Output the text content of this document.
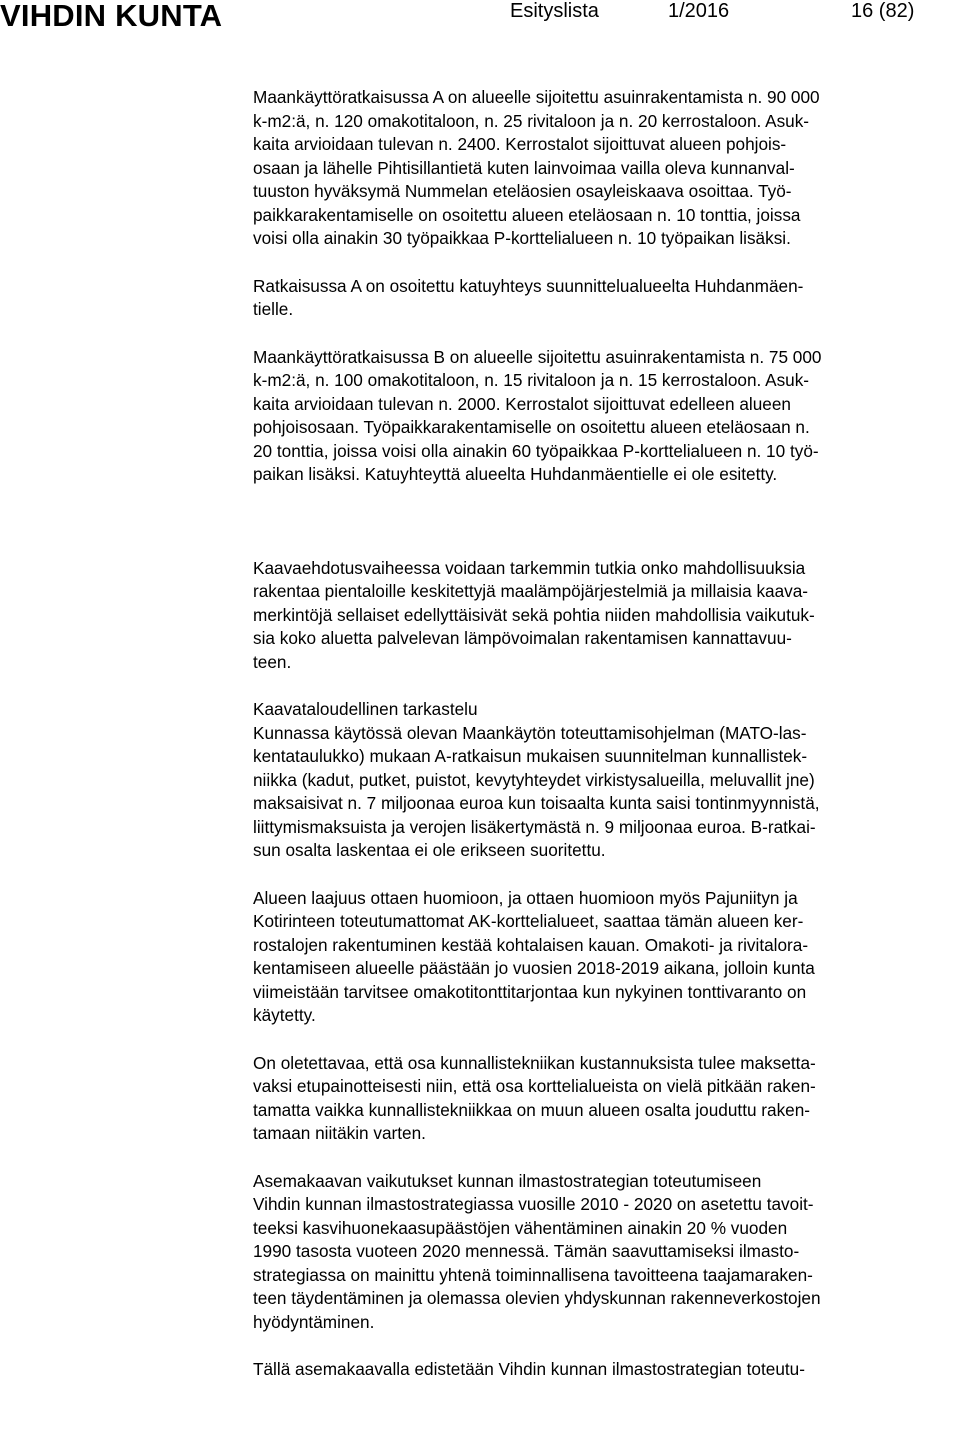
VIHDIN KUNTA	Esityslista	1/2016	16 (82)

Maankäyttöratkaisussa A on alueelle sijoitettu asuinrakentamista n. 90 000
k-m2:ä, n. 120 omakotitaloon, n. 25 rivitaloon ja n. 20 kerrostaloon. Asuk-
kaita arvioidaan tulevan n. 2400. Kerrostalot sijoittuvat alueen pohjois-
osaan ja lähelle Pihtisillantietä kuten lainvoimaa vailla oleva kunnanval-
tuuston hyväksymä Nummelan eteläosien osayleiskaava osoittaa. Työ-
paikkarakentamiselle on osoitettu alueen eteläosaan n. 10 tonttia, joissa
voisi olla ainakin 30 työpaikkaa P-korttelialueen n. 10 työpaikan lisäksi.

Ratkaisussa A on osoitettu katuyhteys suunnittelualueelta Huhdanmäen-
tielle.

Maankäyttöratkaisussa B on alueelle sijoitettu asuinrakentamista n. 75 000
k-m2:ä, n. 100 omakotitaloon, n. 15 rivitaloon ja n. 15 kerrostaloon. Asuk-
kaita arvioidaan tulevan n. 2000. Kerrostalot sijoittuvat edelleen alueen
pohjoisosaan. Työpaikkarakentamiselle on osoitettu alueen eteläosaan n.
20 tonttia, joissa voisi olla ainakin 60 työpaikkaa P-korttelialueen n. 10 työ-
paikan lisäksi. Katuyhteyttä alueelta Huhdanmäentielle ei ole esitetty.

Kaavaehdotusvaiheessa voidaan tarkemmin tutkia onko mahdollisuuksia
rakentaa pientaloille keskitettyjä maalämpöjärjestelmiä ja millaisia kaava-
merkintöjä sellaiset edellyttäisivät sekä pohtia niiden mahdollisia vaikutuk-
sia koko aluetta palvelevan lämpövoimalan rakentamisen kannattavuu-
teen.

Kaavataloudellinen tarkastelu
Kunnassa käytössä olevan Maankäytön toteuttamisohjelman (MATO-las-
kentataulukko) mukaan A-ratkaisun mukaisen suunnitelman kunnallistek-
niikka (kadut, putket, puistot, kevytyhteydet virkistysalueilla, meluvallit jne)
maksaisivat n. 7 miljoonaa euroa kun toisaalta kunta saisi tontinmyynnistä,
liittymismaksuista ja verojen lisäkertymästä n. 9 miljoonaa euroa. B-ratkai-
sun osalta laskentaa ei ole erikseen suoritettu.

Alueen laajuus ottaen huomioon, ja ottaen huomioon myös Pajuniityn ja
Kotirinteen toteutumattomat AK-korttelialueet, saattaa tämän alueen ker-
rostalojen rakentuminen kestää kohtalaisen kauan. Omakoti- ja rivitalora-
kentamiseen alueelle päästään jo vuosien 2018-2019 aikana, jolloin kunta
viimeistään tarvitsee omakotitonttitarjontaa kun nykyinen tonttivaranto on
käytetty.

On oletettavaa, että osa kunnallistekniikan kustannuksista tulee maksetta-
vaksi etupainotteisesti niin, että osa korttelialueista on vielä pitkään raken-
tamatta vaikka kunnallistekniikkaa on muun alueen osalta jouduttu raken-
tamaan niitäkin varten.

Asemakaavan vaikutukset kunnan ilmastostrategian toteutumiseen
Vihdin kunnan ilmastostrategiassa vuosille 2010 - 2020 on asetettu tavoit-
teeksi kasvihuonekaasupäästöjen vähentäminen ainakin 20 % vuoden
1990 tasosta vuoteen 2020 mennessä. Tämän saavuttamiseksi ilmasto-
strategiassa on mainittu yhtenä toiminnallisena tavoitteena taajamaraken-
teen täydentäminen ja olemassa olevien yhdyskunnan rakenneverkostojen
hyödyntäminen.

Tällä asemakaavalla edistetään Vihdin kunnan ilmastostrategian toteutu-
